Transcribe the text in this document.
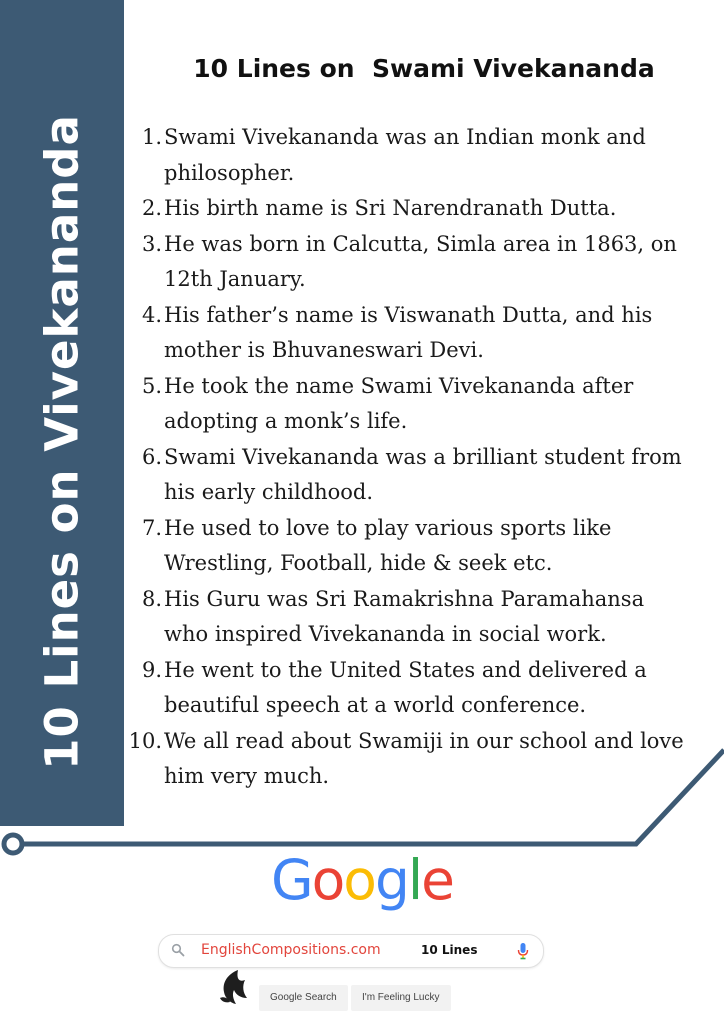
10 Lines on Vivekananda
10 Lines on  Swami Vivekananda
1. Swami Vivekananda was an Indian monk and philosopher.
2. His birth name is Sri Narendranath Dutta.
3. He was born in Calcutta, Simla area in 1863, on 12th January.
4. His father’s name is Viswanath Dutta, and his mother is Bhuvaneswari Devi.
5. He took the name Swami Vivekananda after adopting a monk’s life.
6. Swami Vivekananda was a brilliant student from his early childhood.
7. He used to love to play various sports like Wrestling, Football, hide & seek etc.
8. His Guru was Sri Ramakrishna Paramahansa who inspired Vivekananda in social work.
9. He went to the United States and delivered a beautiful speech at a world conference.
10. We all read about Swamiji in our school and love him very much.
Google
EnglishCompositions.com	10 Lines
Google Search	I'm Feeling Lucky
